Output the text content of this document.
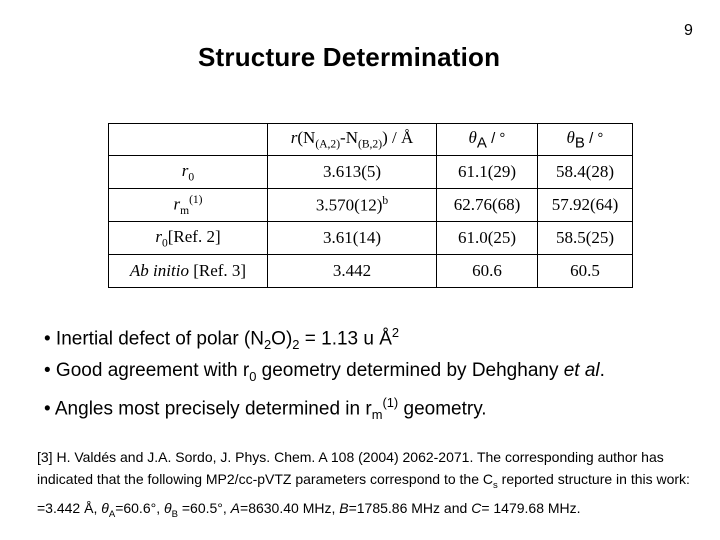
9
Structure Determination
	$r(N_{(A,2)}-N_{(B,2)})$ / Å	$\theta_A$ / °	$\theta_B$ / °
$r_0$	3.613(5)	61.1(29)	58.4(28)
$r_m^{(1)}$	$3.570(12)^b$	62.76(68)	57.92(64)
$r_0[Ref$. 2]	3.61(14)	61.0(25)	58.5(25)
Ab initio [Ref. 3]	3.442	60.6	60.5
• Inertial defect of polar $(N_2O)_2 = 1.13$ u $Å^2$
• Good agreement with $r_0$ geometry determined by Dehghany et al.
• Angles most precisely determined in $r_m^{(1)}$ geometry.
[3] H. Valdés and J.A. Sordo, J. Phys. Chem. A 108 (2004) 2062-2071. The corresponding author has indicated that the following MP2/cc-pVTZ parameters correspond to the $C_s$ reported structure in this work: =3.442 Å, $\theta_A=60.6^\circ$, $\theta_B =60.5^\circ$, A=8630.40 MHz, B=1785.86 MHz and C= 1479.68 MHz.
